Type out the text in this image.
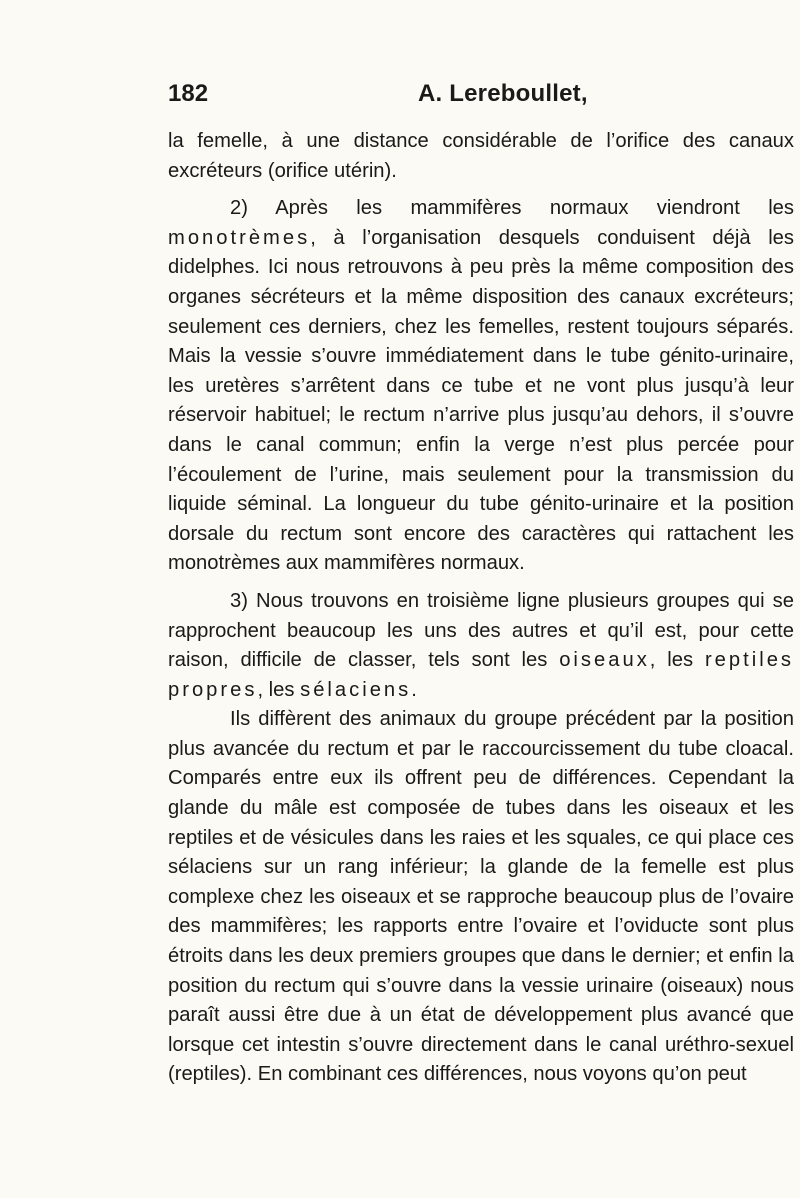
182	A. Lereboullet,

la femelle, à une distance considérable de l’orifice des canaux excréteurs (orifice utérin).

2) Après les mammifères normaux viendront les monotrèmes, à l’organisation desquels conduisent déjà les didelphes. Ici nous retrouvons à peu près la même composition des organes sécréteurs et la même disposition des canaux excréteurs; seulement ces derniers, chez les femelles, restent toujours séparés. Mais la vessie s’ouvre immédiatement dans le tube génito-urinaire, les uretères s’arrêtent dans ce tube et ne vont plus jusqu’à leur réservoir habituel; le rectum n’arrive plus jusqu’au dehors, il s’ouvre dans le canal commun; enfin la verge n’est plus percée pour l’écoulement de l’urine, mais seulement pour la transmission du liquide séminal. La longueur du tube génito-urinaire et la position dorsale du rectum sont encore des caractères qui rattachent les monotrèmes aux mammifères normaux.

3) Nous trouvons en troisième ligne plusieurs groupes qui se rapprochent beaucoup les uns des autres et qu’il est, pour cette raison, difficile de classer, tels sont les oiseaux, les reptiles propres, les sélaciens.

Ils diffèrent des animaux du groupe précédent par la position plus avancée du rectum et par le raccourcissement du tube cloacal. Comparés entre eux ils offrent peu de différences. Cependant la glande du mâle est composée de tubes dans les oiseaux et les reptiles et de vésicules dans les raies et les squales, ce qui place ces sélaciens sur un rang inférieur; la glande de la femelle est plus complexe chez les oiseaux et se rapproche beaucoup plus de l’ovaire des mammifères; les rapports entre l’ovaire et l’oviducte sont plus étroits dans les deux premiers groupes que dans le dernier; et enfin la position du rectum qui s’ouvre dans la vessie urinaire (oiseaux) nous paraît aussi être due à un état de développement plus avancé que lorsque cet intestin s’ouvre directement dans le canal uréthro-sexuel (reptiles). En combinant ces différences, nous voyons qu’on peut
